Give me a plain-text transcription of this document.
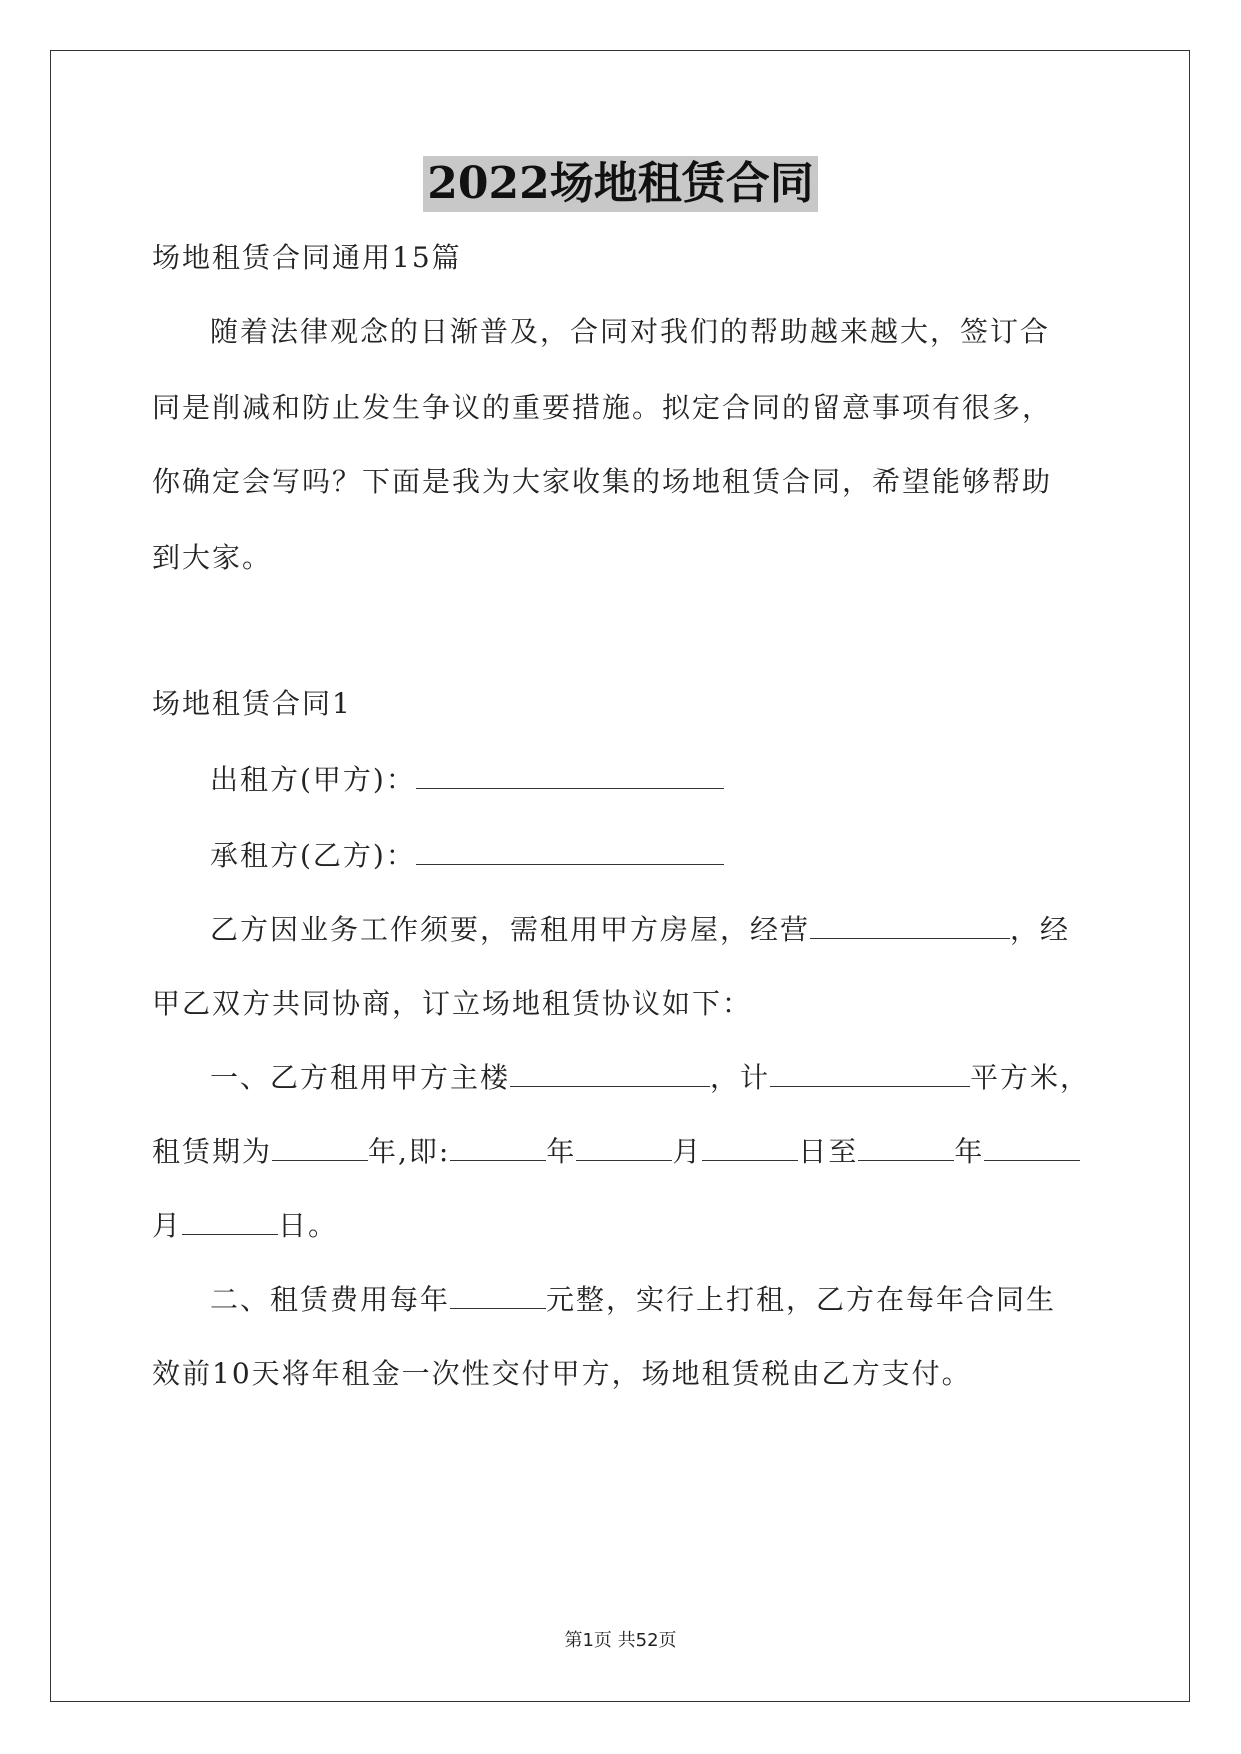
2022场地租赁合同
场地租赁合同通用15篇
随着法律观念的日渐普及，合同对我们的帮助越来越大，签订合
同是削减和防止发生争议的重要措施。拟定合同的留意事项有很多，
你确定会写吗？下面是我为大家收集的场地租赁合同，希望能够帮助
到大家。
场地租赁合同1
出租方(甲方)：
承租方(乙方)：
乙方因业务工作须要，需租用甲方房屋，经营	，经
甲乙双方共同协商，订立场地租赁协议如下：
一、乙方租用甲方主楼	，计	平方米，
租赁期为	年,即:	年	月	日至	年
月	日。
二、租赁费用每年	元整，实行上打租，乙方在每年合同生
效前10天将年租金一次性交付甲方，场地租赁税由乙方支付。
第1页 共52页
